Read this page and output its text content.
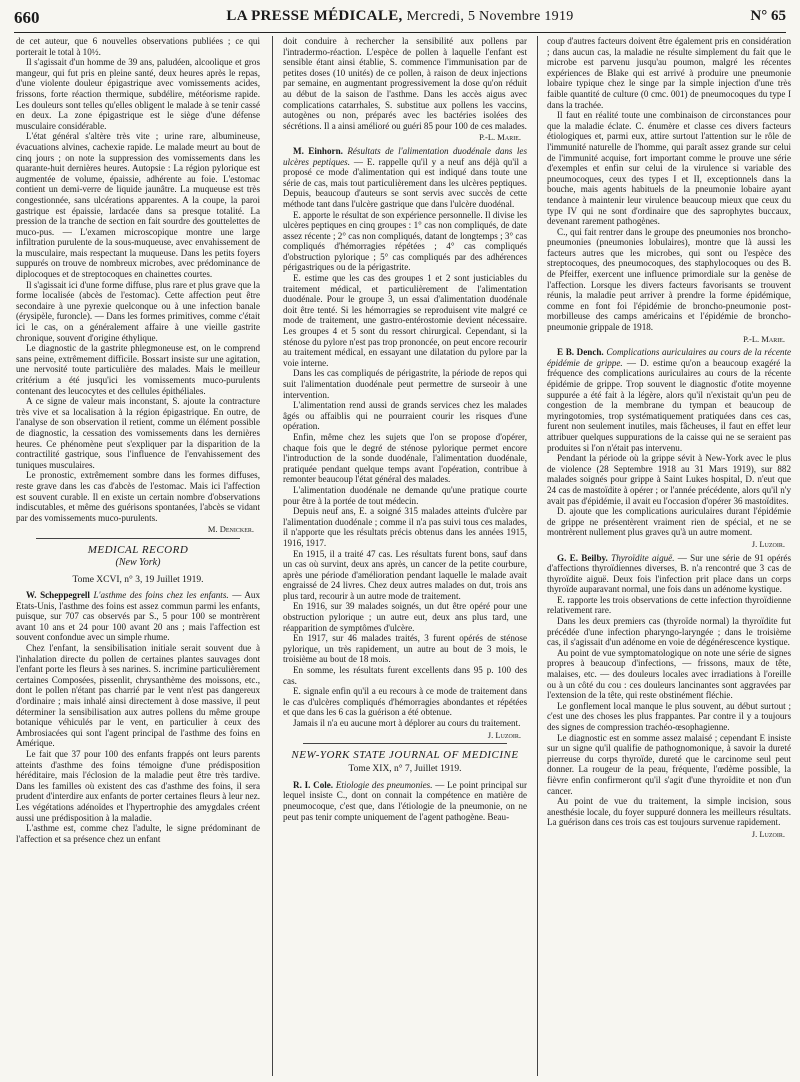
660	LA PRESSE MÉDICALE, Mercredi, 5 Novembre 1919	N° 65

de cet auteur, que 6 nouvelles observations publiées ; ce qui porterait le total à 10½.

Il s'agissait d'un homme de 39 ans, paludéen, alcoolique et gros mangeur, qui fut pris en pleine santé, deux heures après le repas, d'une violente douleur épigastrique avec vomissements acides, frissons, forte réaction thermique, subdélire, météorisme rapide. Les douleurs sont telles qu'elles obligent le malade à se tenir cassé en deux. La zone épigastrique est le siège d'une défense musculaire considérable.

L'état général s'altère très vite ; urine rare, albumineuse, évacuations alvines, cachexie rapide. Le malade meurt au bout de cinq jours ; on note la suppression des vomissements dans les quarante-huit dernières heures. Autopsie : La région pylorique est augmentée de volume, épaissie, adhérente au foie. L'estomac contient un demi-verre de liquide jaunâtre. La muqueuse est très congestionnée, sans ulcérations apparentes. A la coupe, la paroi gastrique est épaissie, lardacée dans sa presque totalité. La pression de la tranche de section en fait sourdre des gouttelettes de muco-pus. — L'examen microscopique montre une large infiltration purulente de la sous-muqueuse, avec envahissement de la musculaire, mais respectant la muqueuse. Dans les petits foyers suppurés on trouve de nombreux microbes, avec prédominance de diplocoques et de streptocoques en chainettes courtes.

Il s'agissait ici d'une forme diffuse, plus rare et plus grave que la forme localisée (abcès de l'estomac). Cette affection peut être secondaire à une pyrexie quelconque ou à une infection banale (érysipèle, furoncle). — Dans les formes primitives, comme c'était ici le cas, on a généralement affaire à une vieille gastrite chronique, souvent d'origine éthylique.

Le diagnostic de la gastrite phlegmoneuse est, on le comprend sans peine, extrêmement difficile. Bossart insiste sur une agitation, une nervosité toute particulière des malades. Mais le meilleur critérium a été jusqu'ici les vomissements muco-purulents contenant des leucocytes et des cellules épithéliales.

A ce signe de valeur mais inconstant, S. ajoute la contracture très vive et sa localisation à la région épigastrique. En outre, de l'analyse de son observation il retient, comme un élément possible de diagnostic, la cessation des vomissements dans les dernières heures. Ce phénomène peut s'expliquer par la disparition de la contractilité gastrique, sous l'influence de l'envahissement des tuniques musculaires.

Le pronostic, extrêmement sombre dans les formes diffuses, reste grave dans les cas d'abcès de l'estomac. Mais ici l'affection est souvent curable. Il en existe un certain nombre d'observations indiscutables, et même des guérisons spontanées, l'abcès se vidant par des vomissements muco-purulents.

M. Denicker.

MEDICAL RECORD

(New York)

Tome XCVI, n° 3, 19 Juillet 1919.

W. Scheppegrell L'asthme des foins chez les enfants. — Aux Etats-Unis, l'asthme des foins est assez commun parmi les enfants, puisque, sur 707 cas observés par S., 5 pour 100 se montrèrent avant 10 ans et 24 pour 100 avant 20 ans ; mais l'affection est souvent confondue avec un simple rhume.

Chez l'enfant, la sensibilisation initiale serait souvent due à l'inhalation directe du pollen de certaines plantes sauvages dont l'enfant porte les fleurs à ses narines. S. incrimine particulièrement certaines Composées, pissenlit, chrysanthème des moissons, etc., dont le pollen n'étant pas charrié par le vent n'est pas dangereux d'ordinaire ; mais inhalé ainsi directement à dose massive, il peut déterminer la sensibilisation aux autres pollens du même groupe botanique véhiculés par le vent, en particulier à ceux des Ambrosiacées qui sont l'agent principal de l'asthme des foins en Amérique.

Le fait que 37 pour 100 des enfants frappés ont leurs parents atteints d'asthme des foins témoigne d'une prédisposition héréditaire, mais l'éclosion de la maladie peut être très tardive. Dans les familles où existent des cas d'asthme des foins, il sera prudent d'interdire aux enfants de porter certaines fleurs à leur nez. Les végétations adénoïdes et l'hypertrophie des amygdales créent aussi une prédisposition à la maladie.

L'asthme est, comme chez l'adulte, le signe prédominant de l'affection et sa présence chez un enfant

doit conduire à rechercher la sensibilité aux pollens par l'intradermo-réaction. L'espèce de pollen à laquelle l'enfant est sensible étant ainsi établie, S. commence l'immunisation par de petites doses (10 unités) de ce pollen, à raison de deux injections par semaine, en augmentant progressivement la dose qu'on réduit au début de la saison de l'asthme. Dans les accès aigus avec complications catarrhales, S. substitue aux pollens les vaccins, autogènes ou non, préparés avec les bactéries isolées des sécrétions. Il a ainsi amélioré ou guéri 85 pour 100 de ces malades.

P.-L. Marie.

M. Einhorn. Résultats de l'alimentation duodénale dans les ulcères peptiques. — E. rappelle qu'il y a neuf ans déjà qu'il a proposé ce mode d'alimentation qui est indiqué dans toute une série de cas, mais tout particulièrement dans les ulcères peptiques. Depuis, beaucoup d'auteurs se sont servis avec succès de cette méthode tant dans l'ulcère gastrique que dans l'ulcère duodénal.

E. apporte le résultat de son expérience personnelle. Il divise les ulcères peptiques en cinq groupes : 1° cas non compliqués, de date assez récente ; 2° cas non compliqués, datant de longtemps ; 3° cas compliqués d'hémorragies répétées ; 4° cas compliqués d'obstruction pylorique ; 5° cas compliqués par des adhérences périgastriques ou de la périgastrite.

E. estime que les cas des groupes 1 et 2 sont justiciables du traitement médical, et particulièrement de l'alimentation duodénale. Pour le groupe 3, un essai d'alimentation duodénale doit être tenté. Si les hémorragies se reproduisent vite malgré ce mode de traitement, une gastro-entérostomie devient nécessaire. Les groupes 4 et 5 sont du ressort chirurgical. Cependant, si la sténose du pylore n'est pas trop prononcée, on peut encore recourir au traitement médical, en essayant une dilatation du pylore par la voie interne.

Dans les cas compliqués de périgastrite, la période de repos qui suit l'alimentation duodénale peut permettre de surseoir à une intervention.

L'alimentation rend aussi de grands services chez les malades âgés ou affaiblis qui ne pourraient courir les risques d'une opération.

Enfin, même chez les sujets que l'on se propose d'opérer, chaque fois que le degré de sténose pylorique permet encore l'introduction de la sonde duodénale, l'alimentation duodénale, pratiquée pendant quelque temps avant l'opération, contribue à remonter beaucoup l'état général des malades.

L'alimentation duodénale ne demande qu'une pratique courte pour être à la portée de tout médecin.

Depuis neuf ans, E. a soigné 315 malades atteints d'ulcère par l'alimentation duodénale ; comme il n'a pas suivi tous ces malades, il n'apporte que les résultats précis obtenus dans les années 1915, 1916, 1917.

En 1915, il a traité 47 cas. Les résultats furent bons, sauf dans un cas où survint, deux ans après, un cancer de la petite courbure, après une période d'amélioration pendant laquelle le malade avait engraissé de 24 livres. Chez deux autres malades on dut, trois ans plus tard, recourir à un autre mode de traitement.

En 1916, sur 39 malades soignés, un dut être opéré pour une obstruction pylorique ; un autre eut, deux ans plus tard, une réapparition de symptômes d'ulcère.

En 1917, sur 46 malades traités, 3 furent opérés de sténose pylorique, un très rapidement, un autre au bout de 3 mois, le troisième au bout de 18 mois.

En somme, les résultats furent excellents dans 95 p. 100 des cas.

E. signale enfin qu'il a eu recours à ce mode de traitement dans le cas d'ulcères compliqués d'hémorragies abondantes et répétées et que dans les 6 cas la guérison a été obtenue.

Jamais il n'a eu aucune mort à déplorer au cours du traitement.

J. Luzoir.

NEW-YORK STATE JOURNAL OF MEDICINE

Tome XIX, n° 7, Juillet 1919.

R. I. Cole. Etiologie des pneumonies. — Le point principal sur lequel insiste C., dont on connait la compétence en matière de pneumocoque, c'est que, dans l'étiologie de la pneumonie, on ne peut pas tenir compte uniquement de l'agent pathogène. Beau-

coup d'autres facteurs doivent être également pris en considération ; dans aucun cas, la maladie ne résulte simplement du fait que le microbe est parvenu jusqu'au poumon, malgré les récentes expériences de Blake qui est arrivé à produire une pneumonie lobaire typique chez le singe par la simple injection d'une très faible quantité de culture (0 cmc. 001) de pneumocoques du type I dans la trachée.

Il faut en réalité toute une combinaison de circonstances pour que la maladie éclate. C. énumère et classe ces divers facteurs étiologiques et, parmi eux, attire surtout l'attention sur le rôle de l'immunité naturelle de l'homme, qui paraît assez grande sur celui de l'immunité acquise, fort important comme le prouve une série d'exemples et enfin sur celui de la virulence si variable des pneumocoques, ceux des types I et II, exceptionnels dans la bouche, mais agents habituels de la pneumonie lobaire ayant tendance à maintenir leur virulence beaucoup mieux que ceux du type IV qui ne sont d'ordinaire que des saprophytes buccaux, devenant rarement pathogènes.

C., qui fait rentrer dans le groupe des pneumonies nos broncho-pneumonies (pneumonies lobulaires), montre que là aussi les facteurs autres que les microbes, qui sont ou l'espèce des streptocoques, des pneumocoques, des staphylocoques ou des B. de Pfeiffer, exercent une influence primordiale sur la genèse de l'affection. Lorsque les divers facteurs favorisants se trouvent réunis, la maladie peut arriver à prendre la forme épidémique, comme en font foi l'épidémie de broncho-pneumonie post-morbilleuse des camps américains et l'épidémie de broncho-pneumonie grippale de 1918.

P.-L. Marie.

E B. Dench. Complications auriculaires au cours de la récente épidémie de grippe. — D. estime qu'on a beaucoup exagéré la fréquence des complications auriculaires au cours de la récente épidémie de grippe. Trop souvent le diagnostic d'otite moyenne suppurée a été fait à la légère, alors qu'il n'existait qu'un peu de congestion de la membrane du tympan et beaucoup de myringotomies, trop systématiquement pratiquées dans ces cas, furent non seulement inutiles, mais fâcheuses, il faut en effet leur attribuer quelques suppurations de la caisse qui ne se seraient pas produites si l'on n'était pas intervenu.

Pendant la période où la grippe sévit à New-York avec le plus de violence (28 Septembre 1918 au 31 Mars 1919), sur 882 malades soignés pour grippe à Saint Lukes hospital, D. n'eut que 24 cas de mastoïdite à opérer ; or l'année précédente, alors qu'il n'y avait pas d'épidémie, il avait eu l'occasion d'opérer 36 mastoïdites.

D. ajoute que les complications auriculaires durant l'épidémie de grippe ne présentèrent vraiment rien de spécial, et ne se montrèrent nullement plus graves qu'à un autre moment.

J. Luzoir.

G. E. Beilby. Thyroïdite aiguë. — Sur une série de 91 opérés d'affections thyroïdiennes diverses, B. n'a rencontré que 3 cas de thyroïdite aiguë. Deux fois l'infection prit place dans un corps thyroïde auparavant normal, une fois dans un adénome kystique.

E. rapporte les trois observations de cette infection thyroïdienne relativement rare.

Dans les deux premiers cas (thyroïde normal) la thyroïdite fut précédée d'une infection pharyngo-laryngée ; dans le troisième cas, il s'agissait d'un adénome en voie de dégénérescence kystique.

Au point de vue symptomatologique on note une série de signes propres à beaucoup d'infections, — frissons, maux de tête, malaises, etc. — des douleurs locales avec irradiations à l'oreille ou à un côté du cou : ces douleurs lancinantes sont aggravées par l'extension de la tête, qui reste obstinément fléchie.

Le gonflement local manque le plus souvent, au début surtout ; c'est une des choses les plus frappantes. Par contre il y a toujours des signes de compression trachéo-œsophagienne.

Le diagnostic est en somme assez malaisé ; cependant E insiste sur un signe qu'il qualifie de pathognomonique, à savoir la dureté pierreuse du corps thyroïde, dureté que le carcinome seul peut donner. La rougeur de la peau, fréquente, l'œdème possible, la fièvre enfin confirmeront qu'il s'agit d'une thyroïdite et non d'un cancer.

Au point de vue du traitement, la simple incision, sous anesthésie locale, du foyer suppuré donnera les meilleurs résultats. La guérison dans ces trois cas est toujours survenue rapidement.

J. Luzoir.
